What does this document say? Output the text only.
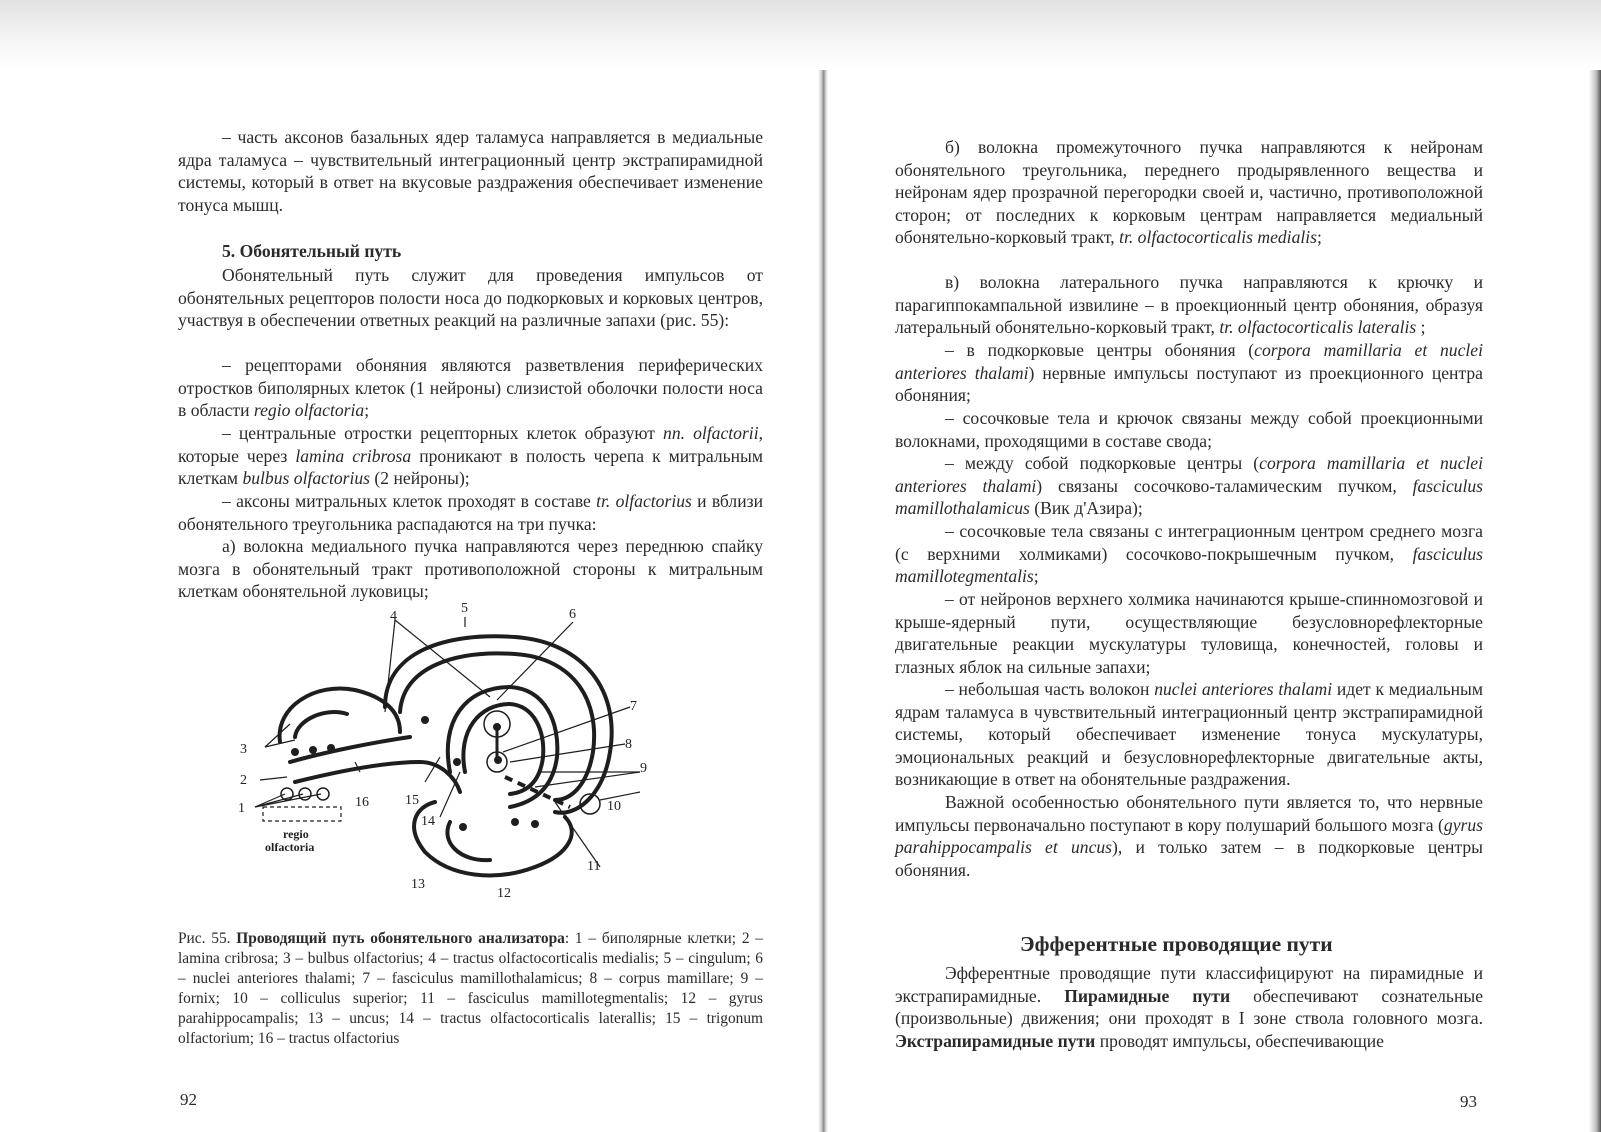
– часть аксонов базальных ядер таламуса направляется в медиальные ядра таламуса – чувствительный интеграционный центр экстрапирамидной системы, который в ответ на вкусовые раздражения обеспечивает изменение тонуса мышц.

5. Обонятельный путь

Обонятельный путь служит для проведения импульсов от обонятельных рецепторов полости носа до подкорковых и корковых центров, участвуя в обеспечении ответных реакций на различные запахи (рис. 55):

– рецепторами обоняния являются разветвления периферических отростков биполярных клеток (1 нейроны) слизистой оболочки полости носа в области regio olfactoria;

– центральные отростки рецепторных клеток образуют nn. olfactorii, которые через lamina cribrosa проникают в полость черепа к митральным клеткам bulbus olfactorius (2 нейроны);

– аксоны митральных клеток проходят в составе tr. olfactorius и вблизи обонятельного треугольника распадаются на три пучка:

а) волокна медиального пучка направляются через переднюю спайку мозга в обонятельный тракт противоположной стороны к митральным клеткам обонятельной луковицы;

4
5	6
7
8
9
10
11
12
13
14
15
16
3
2
1
regio
olfactoria
Рис. 55. Проводящий путь обонятельного анализатора: 1 – биполярные клетки; 2 – lamina cribrosa; 3 – bulbus olfactorius; 4 – tractus olfactocorticalis medialis; 5 – cingulum; 6 – nuclei anteriores thalami; 7 – fasciculus mamillothalamicus; 8 – corpus mamillare; 9 – fornix; 10 – colliculus superior; 11 – fasciculus mamillotegmentalis; 12 – gyrus parahippocampalis; 13 – uncus; 14 – tractus olfactocorticalis laterallis; 15 – trigonum olfactorium; 16 – tractus olfactorius
92

б) волокна промежуточного пучка направляются к нейронам обонятельного треугольника, переднего продырявленного вещества и нейронам ядер прозрачной перегородки своей и, частично, противоположной сторон; от последних к корковым центрам направляется медиальный обонятельно-корковый тракт, tr. olfactocorticalis medialis;

в) волокна латерального пучка направляются к крючку и парагиппокампальной извилине – в проекционный центр обоняния, образуя латеральный обонятельно-корковый тракт, tr. olfactocorticalis lateralis ;

– в подкорковые центры обоняния (corpora mamillaria et nuclei anteriores thalami) нервные импульсы поступают из проекционного центра обоняния;

– сосочковые тела и крючок связаны между собой проекционными волокнами, проходящими в составе свода;

– между собой подкорковые центры (corpora mamillaria et nuclei anteriores thalami) связаны сосочково-таламическим пучком, fasciculus mamillothalamicus (Вик д'Азира);

– сосочковые тела связаны с интеграционным центром среднего мозга (с верхними холмиками) сосочково-покрышечным пучком, fasciculus mamillotegmentalis;

– от нейронов верхнего холмика начинаются крыше-спинномозговой и крыше-ядерный пути, осуществляющие безусловнорефлекторные двигательные реакции мускулатуры туловища, конечностей, головы и глазных яблок на сильные запахи;

– небольшая часть волокон nuclei anteriores thalami идет к медиальным ядрам таламуса в чувствительный интеграционный центр экстрапирамидной системы, который обеспечивает изменение тонуса мускулатуры, эмоциональных реакций и безусловнорефлекторные двигательные акты, возникающие в ответ на обонятельные раздражения.

Важной особенностью обонятельного пути является то, что нервные импульсы первоначально поступают в кору полушарий большого мозга (gyrus parahippocampalis et uncus), и только затем – в подкорковые центры обоняния.

Эфферентные проводящие пути классифицируют на пирамидные и экстрапирамидные. Пирамидные пути обеспечивают сознательные (произвольные) движения; они проходят в I зоне ствола головного мозга. Экстрапирамидные пути проводят импульсы, обеспечивающие

93
Эфферентные проводящие пути
